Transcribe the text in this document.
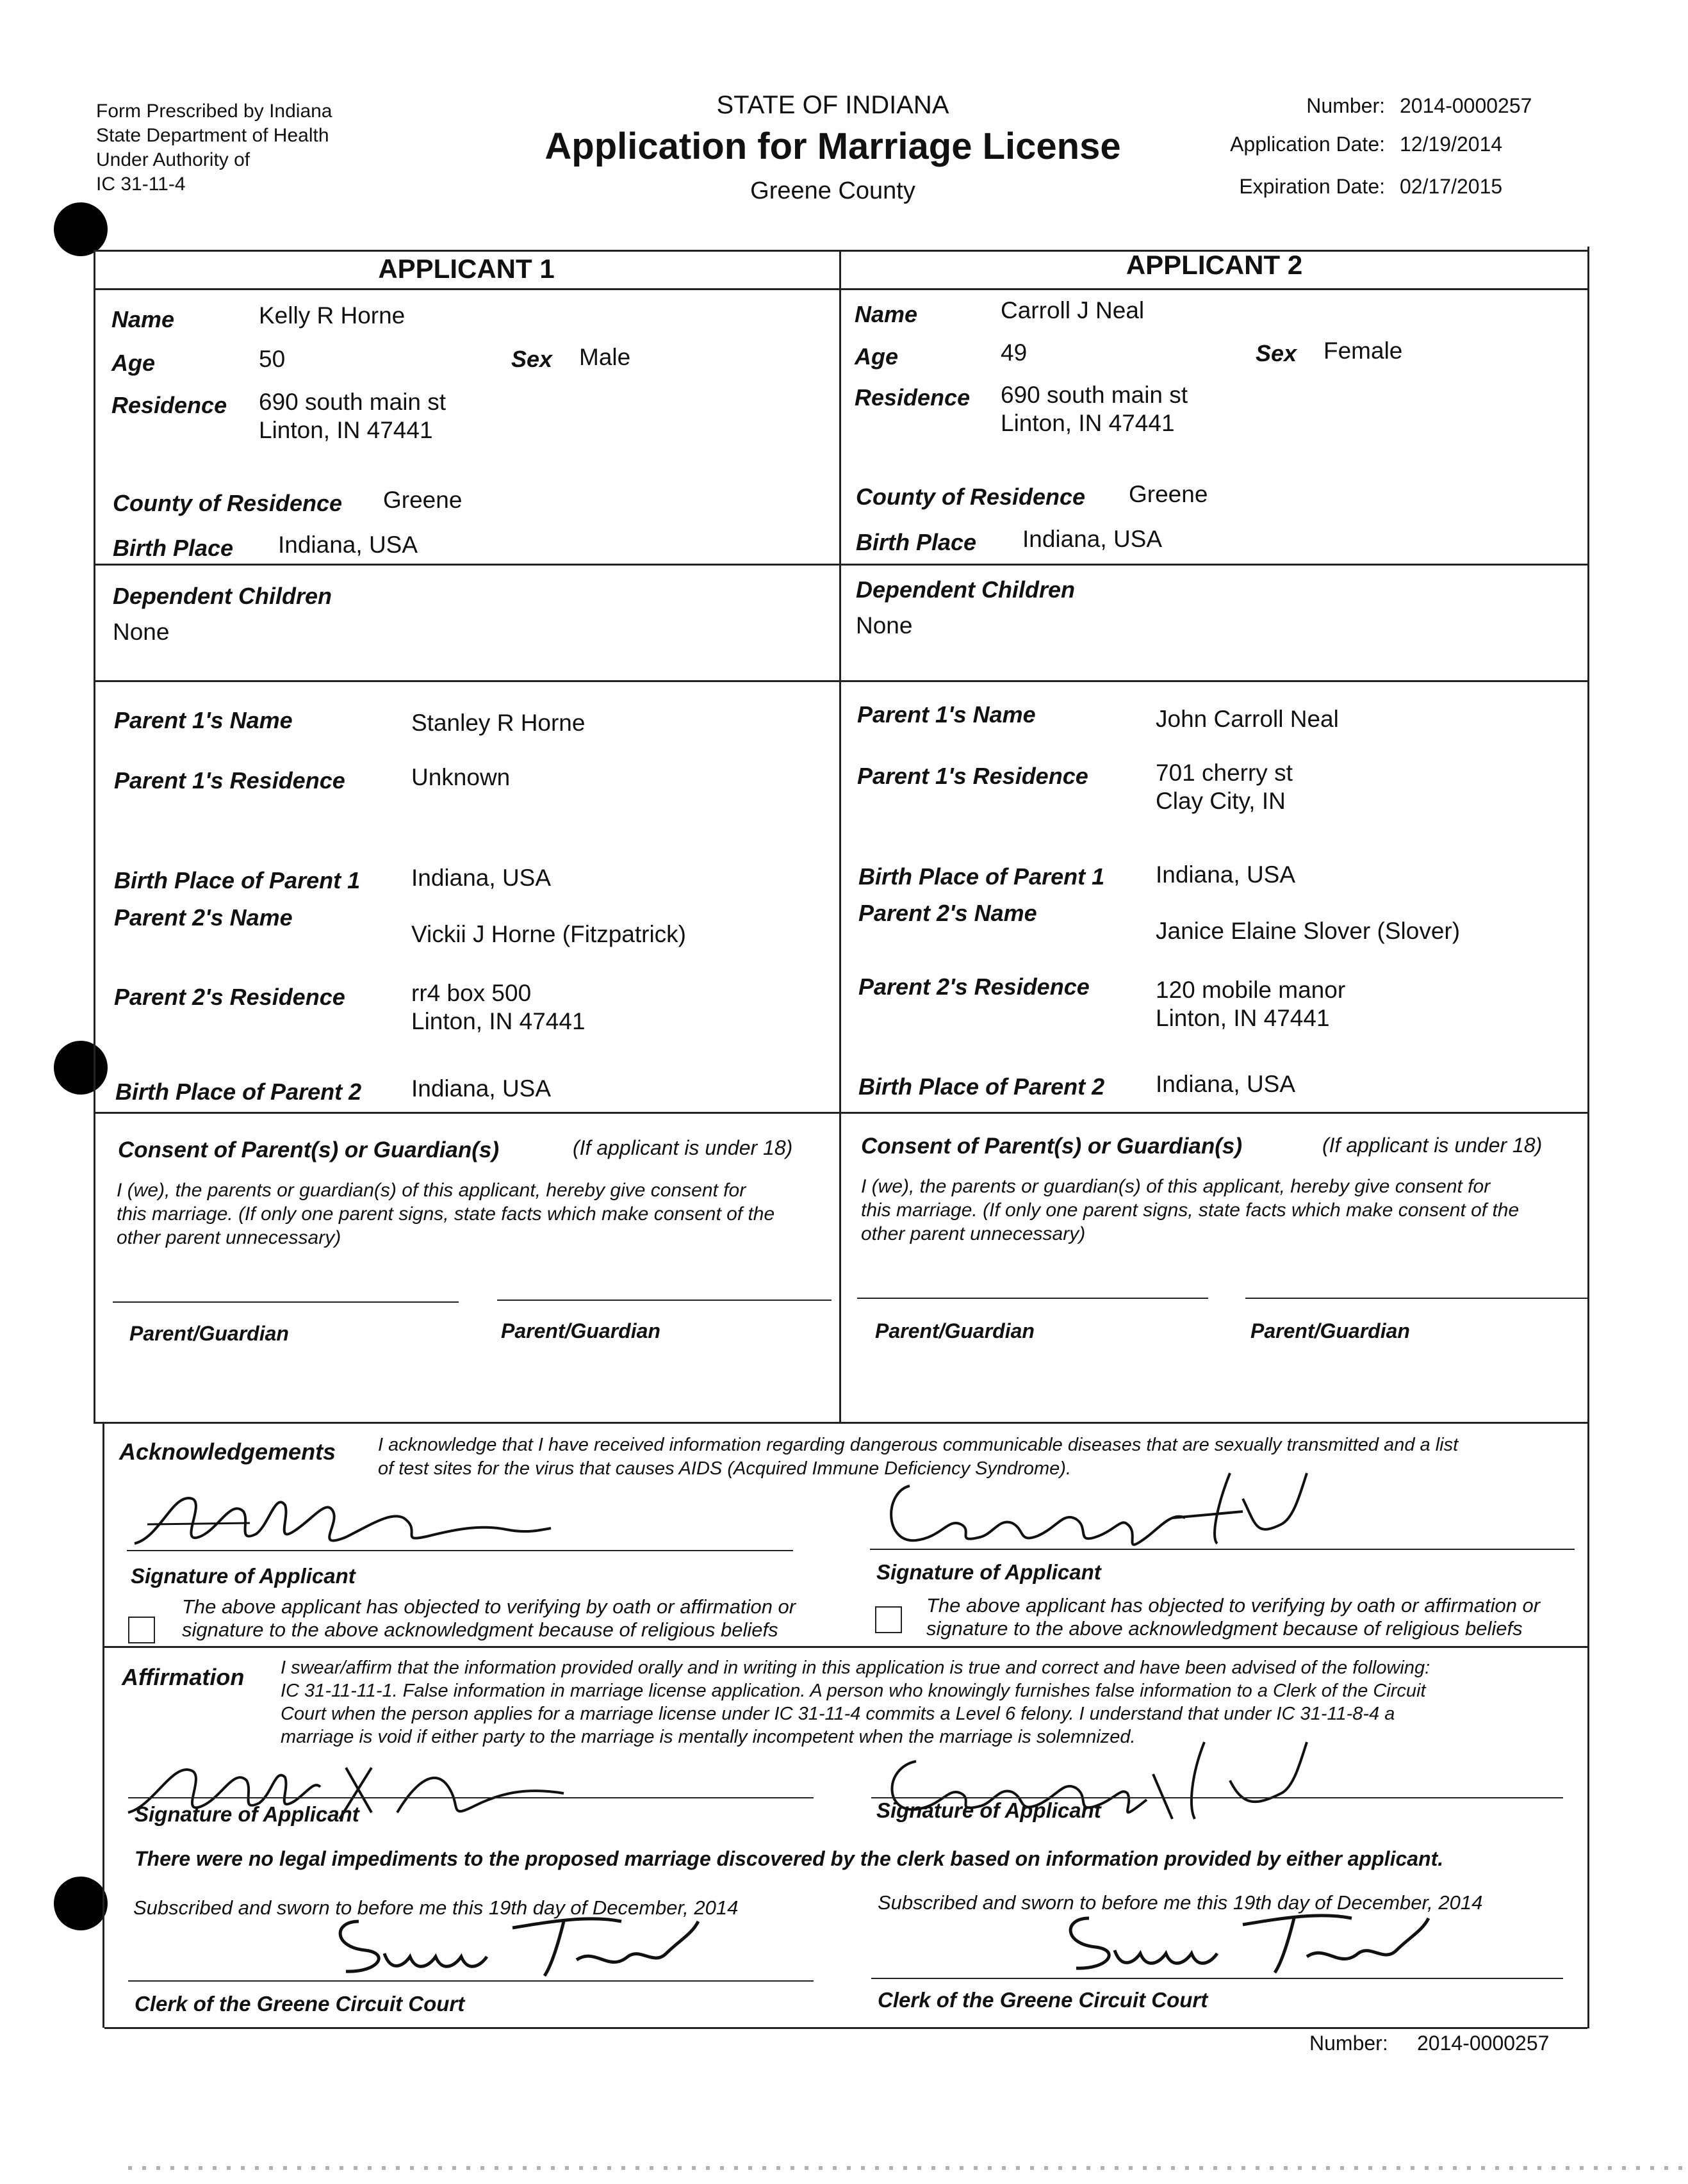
Form Prescribed by Indiana
State Department of Health
Under Authority of
IC 31-11-4
STATE OF INDIANA
Application for Marriage License
Greene County
Number: 2014-0000257
Application Date: 12/19/2014
Expiration Date: 02/17/2015
APPLICANT 1	APPLICANT 2
Name	Kelly R Horne
Age	50	Sex Male
Residence 690 south main st
Linton, IN 47441
County of Residence Greene
Birth Place Indiana, USA
Dependent Children
None
Parent 1's Name	Stanley R Horne
Parent 1's Residence	Unknown
Birth Place of Parent 1 Indiana, USA
Parent 2's Name
Vickii J Horne (Fitzpatrick)
Parent 2's Residence	rr4 box 500
Linton, IN 47441
Birth Place of Parent 2 Indiana, USA
Name	Carroll J Neal
Age	49	Sex Female
Residence 690 south main st
Linton, IN 47441
County of Residence Greene
Birth Place Indiana, USA
Dependent Children
None
Parent 1's Name	John Carroll Neal
Parent 1's Residence	701 cherry st
Clay City, IN
Birth Place of Parent 1 Indiana, USA
Parent 2's Name
Janice Elaine Slover (Slover)
Parent 2's Residence	120 mobile manor
Linton, IN 47441
Birth Place of Parent 2 Indiana, USA
Consent of Parent(s) or Guardian(s)	(If applicant is under 18)
I (we), the parents or guardian(s) of this applicant, hereby give consent for
this marriage. (If only one parent signs, state facts which make consent of the
other parent unnecessary)
Parent/Guardian	Parent/Guardian
Consent of Parent(s) or Guardian(s)	(If applicant is under 18)
I (we), the parents or guardian(s) of this applicant, hereby give consent for
this marriage. (If only one parent signs, state facts which make consent of the
other parent unnecessary)
Parent/Guardian	Parent/Guardian
Acknowledgements I acknowledge that I have received information regarding dangerous communicable diseases that are sexually transmitted and a list
of test sites for the virus that causes AIDS (Acquired Immune Deficiency Syndrome).
Signature of Applicant
The above applicant has objected to verifying by oath or affirmation or
signature to the above acknowledgment because of religious beliefs
Signature of Applicant
The above applicant has objected to verifying by oath or affirmation or
signature to the above acknowledgment because of religious beliefs
Affirmation I swear/affirm that the information provided orally and in writing in this application is true and correct and have been advised of the following:
IC 31-11-11-1. False information in marriage license application. A person who knowingly furnishes false information to a Clerk of the Circuit
Court when the person applies for a marriage license under IC 31-11-4 commits a Level 6 felony. I understand that under IC 31-11-8-4 a
marriage is void if either party to the marriage is mentally incompetent when the marriage is solemnized.
Signature of Applicant	Signature of Applicant
There were no legal impediments to the proposed marriage discovered by the clerk based on information provided by either applicant.
Subscribed and sworn to before me this 19th day of December, 2014	Subscribed and sworn to before me this 19th day of December, 2014
Clerk of the Greene Circuit Court	Clerk of the Greene Circuit Court
Number: 2014-0000257
